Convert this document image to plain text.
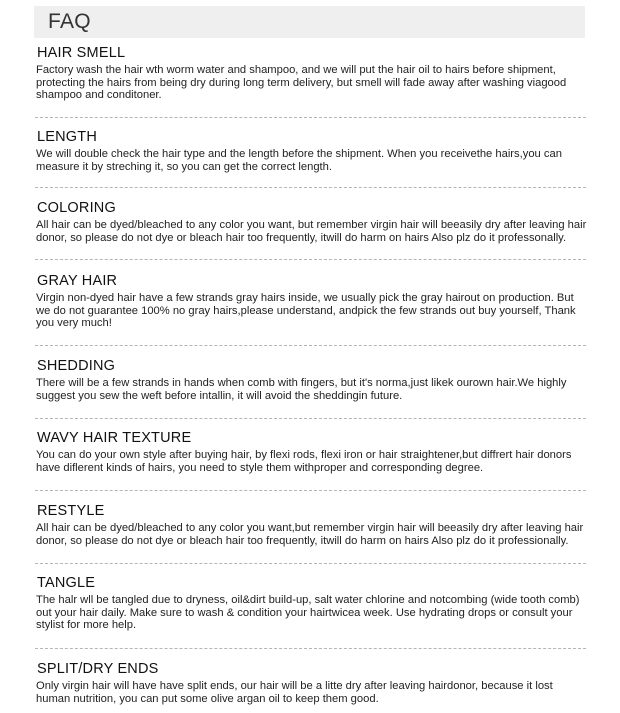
FAQ
HAIR SMELL
Factory wash the hair wth worm water and shampoo, and we will put the hair oil to hairs before shipment, protecting the hairs from being dry during long term delivery, but smell will fade away after washing viagood shampoo and conditoner.
LENGTH
We will double check the hair type and the length before the shipment. When you receivethe hairs,you can measure it by streching it, so you can get the correct length.
COLORING
All hair can be dyed/bleached to any color you want, but remember virgin hair will beeasily dry after leaving hair donor, so please do not dye or bleach hair too frequently, itwill do harm on hairs Also plz do it professonally.
GRAY HAIR
Virgin non-dyed hair have a few strands gray hairs inside, we usually pick the gray hairout on production. But we do not guarantee 100% no gray hairs,please understand, andpick the few strands out buy yourself, Thank you very much!
SHEDDING
There will be a few strands in hands when comb with fingers, but it's norma,just likek ourown hair.We highly suggest you sew the weft before intallin, it will avoid the sheddingin future.
WAVY HAIR TEXTURE
You can do your own style after buying hair, by flexi rods, flexi iron or hair straightener,but diffrert hair donors have diflerent kinds of hairs, you need to style them withproper and corresponding degree.
RESTYLE
All hair can be dyed/bleached to any color you want,but remember virgin hair will beeasily dry after leaving hair donor, so please do not dye or bleach hair too frequently, itwill do harm on hairs Also plz do it professionally.
TANGLE
The halr wll be tangled due to dryness, oil&dirt build-up, salt water chlorine and notcombing (wide tooth comb) out your hair daily. Make sure to wash & condition your hairtwicea week. Use hydrating drops or consult your stylist for more help.
SPLIT/DRY ENDS
Only virgin hair will have have split ends, our hair will be a litte dry after leaving hairdonor, because it lost human nutrition, you can put some olive argan oil to keep them good.
